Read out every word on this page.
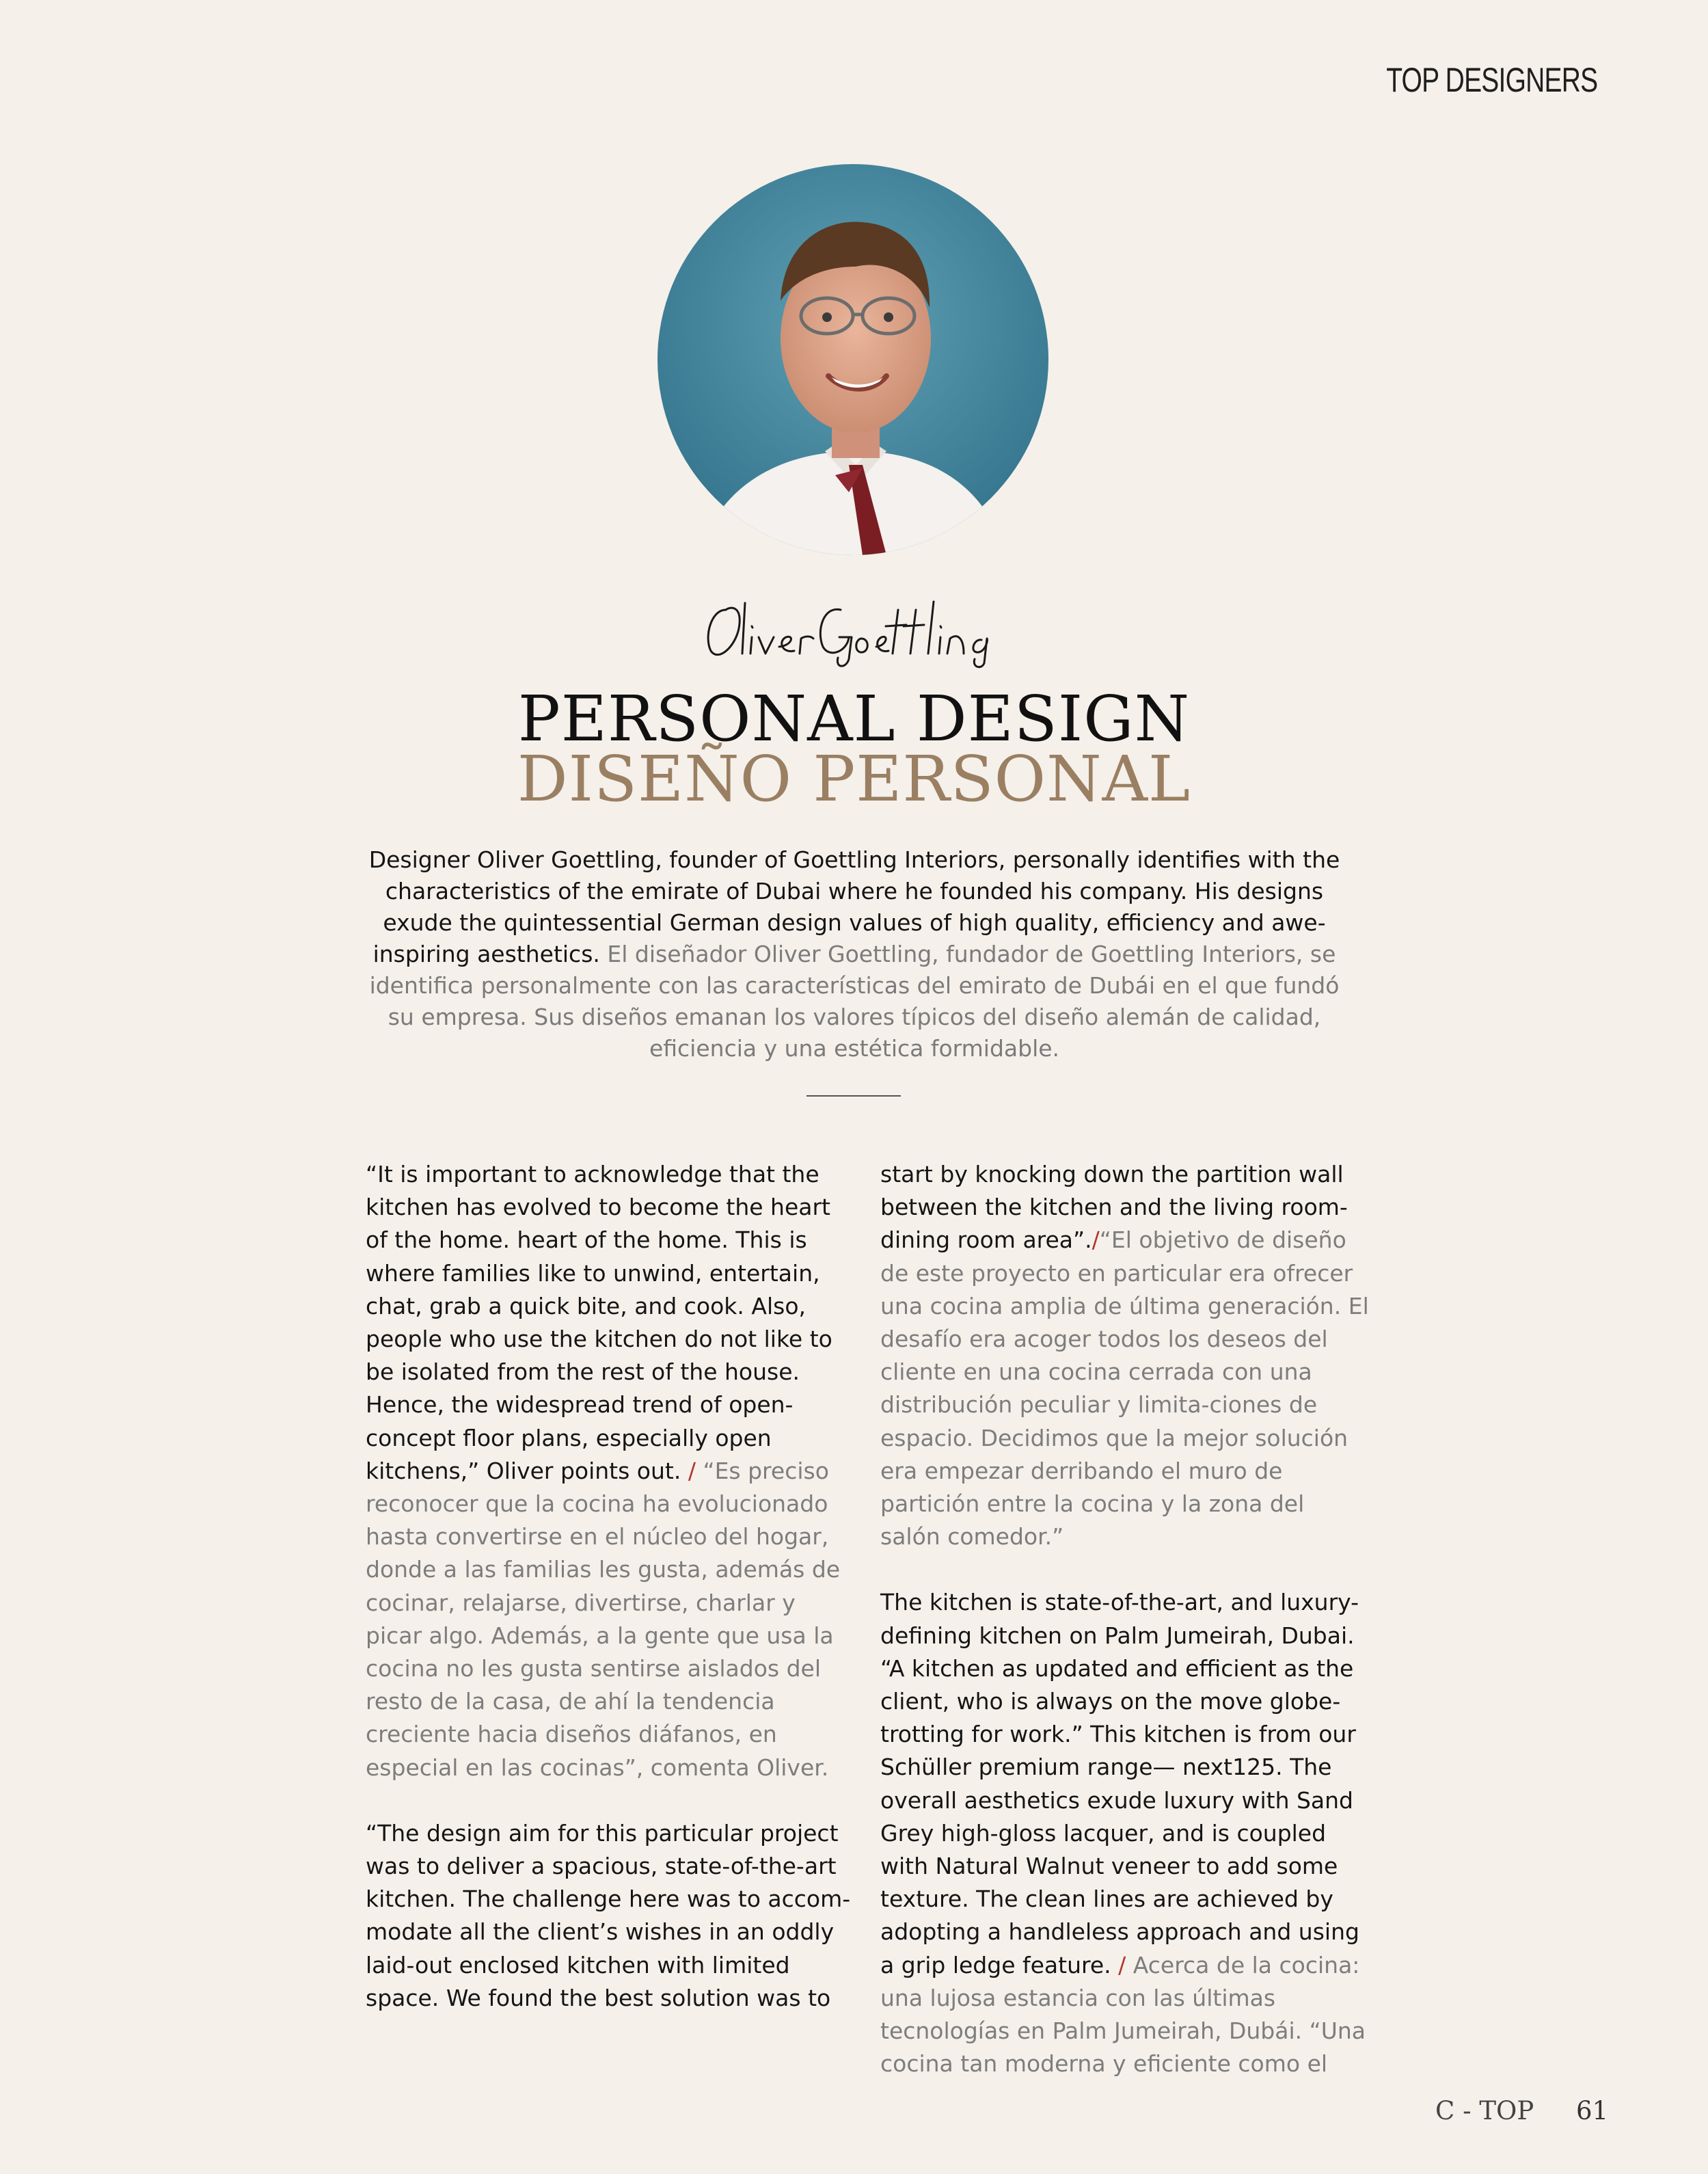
TOP DESIGNERS
PERSONAL DESIGN
DISEÑO PERSONAL
Designer Oliver Goettling, founder of Goettling Interiors, personally identifies with the characteristics of the emirate of Dubai where he founded his company. His designs exude the quintessential German design values of high quality, efficiency and awe-inspiring aesthetics. El diseñador Oliver Goettling, fundador de Goettling Interiors, se identifica personalmente con las características del emirato de Dubái en el que fundó su empresa. Sus diseños emanan los valores típicos del diseño alemán de calidad, eficiencia y una estética formidable.

“It is important to acknowledge that the kitchen has evolved to become the heart of the home. heart of the home. This is where families like to unwind, entertain, chat, grab a quick bite, and cook. Also, people who use the kitchen do not like to be isolated from the rest of the house. Hence, the widespread trend of open-concept floor plans, especially open kitchens,” Oliver points out. / “Es preciso reconocer que la cocina ha evolucionado hasta convertirse en el núcleo del hogar, donde a las familias les gusta, además de cocinar, relajarse, divertirse, charlar y picar algo. Además, a la gente que usa la cocina no les gusta sentirse aislados del resto de la casa, de ahí la tendencia creciente hacia diseños diáfanos, en especial en las cocinas”, comenta Oliver.

“The design aim for this particular project was to deliver a spacious, state-of-the-art kitchen. The challenge here was to accom-modate all the client’s wishes in an oddly laid-out enclosed kitchen with limited space. We found the best solution was to

start by knocking down the partition wall between the kitchen and the living room-dining room area”./“El objetivo de diseño de este proyecto en particular era ofrecer una cocina amplia de última generación. El desafío era acoger todos los deseos del cliente en una cocina cerrada con una distribución peculiar y limita-ciones de espacio. Decidimos que la mejor solución era empezar derribando el muro de partición entre la cocina y la zona del salón comedor.”

The kitchen is state-of-the-art, and luxury-defining kitchen on Palm Jumeirah, Dubai. “A kitchen as updated and efficient as the client, who is always on the move globe-trotting for work.” This kitchen is from our Schüller premium range— next125. The overall aesthetics exude luxury with Sand Grey high-gloss lacquer, and is coupled with Natural Walnut veneer to add some texture. The clean lines are achieved by adopting a handleless approach and using a grip ledge feature. / Acerca de la cocina: una lujosa estancia con las últimas tecnologías en Palm Jumeirah, Dubái. “Una cocina tan moderna y eficiente como el

C - TOP 61
